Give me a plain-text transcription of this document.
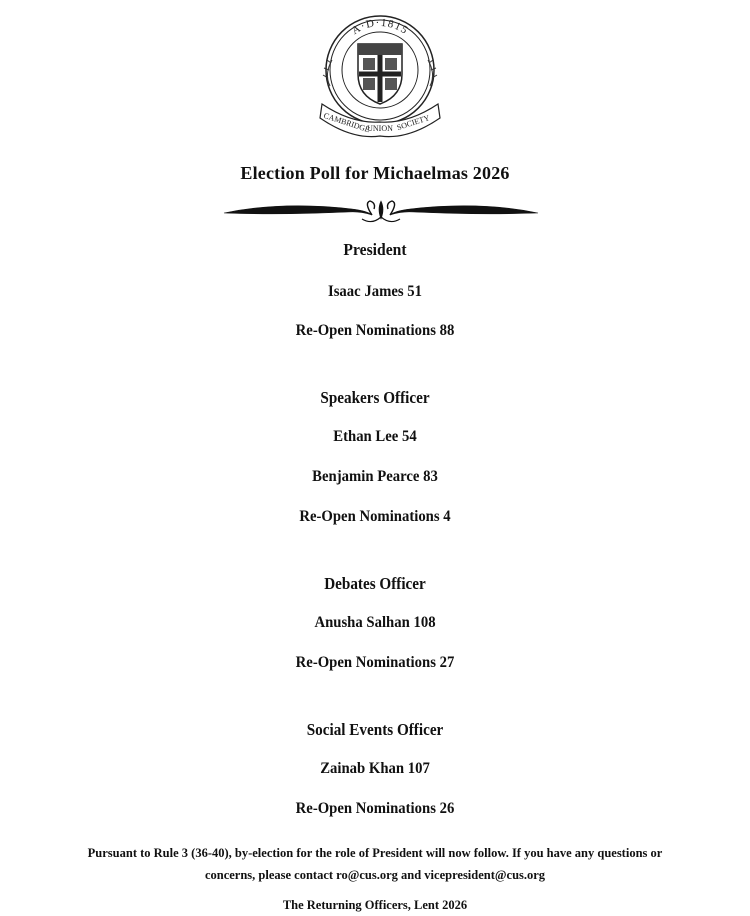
A·D·1815
CAMBRIDGE
UNION SOCIETY
Election Poll for Michaelmas 2026
President
Isaac James 51
Re-Open Nominations 88
Speakers Officer
Ethan Lee 54
Benjamin Pearce 83
Re-Open Nominations 4
Debates Officer
Anusha Salhan 108
Re-Open Nominations 27
Social Events Officer
Zainab Khan 107
Re-Open Nominations 26
Pursuant to Rule 3 (36-40), by-election for the role of President will now follow. If you have any questions or
concerns, please contact ro@cus.org and vicepresident@cus.org
The Returning Officers, Lent 2026
